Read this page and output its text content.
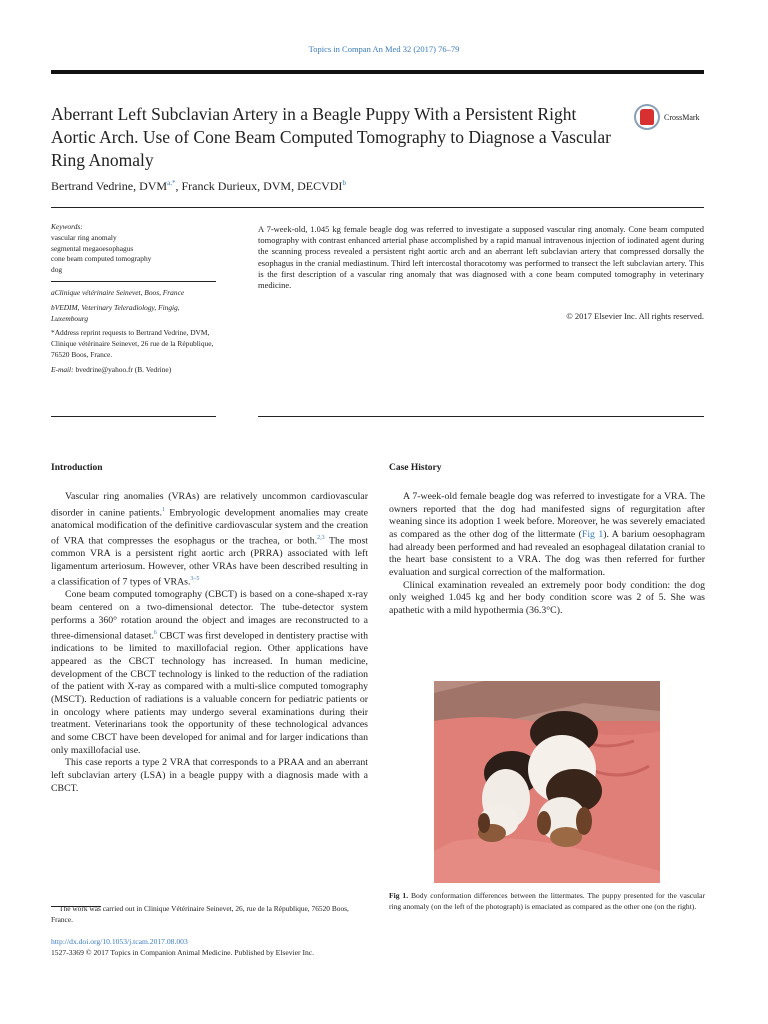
Topics in Compan An Med 32 (2017) 76–79
Aberrant Left Subclavian Artery in a Beagle Puppy With a Persistent Right Aortic Arch. Use of Cone Beam Computed Tomography to Diagnose a Vascular Ring Anomaly
CrossMark
Bertrand Vedrine, $DVM^{a,*}$, Franck Durieux, DVM, DECVDI$^b$

Keywords:

vascular ring anomaly

segmental megaoesophagus

cone beam computed tomography

dog

aClinique vétérinaire Seinevet, Boos, France

bVEDIM, Veterinary Teleradiology, Fingig, Luxembourg

*Address reprint requests to Bertrand Vedrine, DVM, Clinique vétérinaire Seinevet, 26 rue de la République, 76520 Boos, France.

E-mail: bvedrine@yahoo.fr (B. Vedrine)

A 7-week-old, 1.045 kg female beagle dog was referred to investigate a supposed vascular ring anomaly. Cone beam computed tomography with contrast enhanced arterial phase accomplished by a rapid manual intravenous injection of iodinated agent during the scanning process revealed a persistent right aortic arch and an aberrant left subclavian artery that compressed dorsally the esophagus in the cranial mediastinum. Third left intercostal thoracotomy was performed to transect the left subclavian artery. This is the first description of a vascular ring anomaly that was diagnosed with a cone beam computed tomography in veterinary medicine.
© 2017 Elsevier Inc. All rights reserved.
Introduction

Vascular ring anomalies (VRAs) are relatively uncommon cardiovascular disorder in canine patients.$^1$ Embryologic development anomalies may create anatomical modification of the definitive cardiovascular system and the creation of VRA that compresses the esophagus or the trachea, or both.$^{2,3}$ The most common VRA is a persistent right aortic arch (PRRA) associated with left ligamentum arteriosum. However, other VRAs have been described resulting in a classification of 7 types of VRAs.$^{3-5}$

Cone beam computed tomography (CBCT) is based on a cone-shaped x-ray beam centered on a two-dimensional detector. The tube-detector system performs a 360° rotation around the object and images are reconstructed to a three-dimensional dataset.$^6$ CBCT was first developed in dentistery practise with indications to be limited to maxillofacial region. Other applications have appeared as the CBCT technology has increased. In human medicine, development of the CBCT technology is linked to the reduction of the radiation of the patient with X-ray as compared with a multi-slice computed tomography (MSCT). Reduction of radiations is a valuable concern for pediatric patients or in oncology where patients may undergo several examinations during their treatment. Veterinarians took the opportunity of these technological advances and some CBCT have been developed for animal and for larger indications than only maxillofacial use.

This case reports a type 2 VRA that corresponds to a PRAA and an aberrant left subclavian artery (LSA) in a beagle puppy with a diagnosis made with a CBCT.

Case History

A 7-week-old female beagle dog was referred to investigate for a VRA. The owners reported that the dog had manifested signs of regurgitation after weaning since its adoption 1 week before. Moreover, he was severely emaciated as compared as the other dog of the littermate (Fig 1). A barium oesophagram had already been performed and had revealed an esophageal dilatation cranial to the heart base consistent to a VRA. The dog was then referred for further evaluation and surgical correction of the malformation.

Clinical examination revealed an extremely poor body condition: the dog only weighed 1.045 kg and her body condition score was 2 of 5. She was apathetic with a mild hypothermia (36.3°C).

Fig 1. Body conformation differences between the littermates. The puppy presented for the vascular ring anomaly (on the left of the photograph) is emaciated as compared as the other one (on the right).

The work was carried out in Clinique Vétérinaire Seinevet, 26, rue de la République, 76520 Boos, France.

http://dx.doi.org/10.1053/j.tcam.2017.08.003
1527-3369 © 2017 Topics in Companion Animal Medicine. Published by Elsevier Inc.
